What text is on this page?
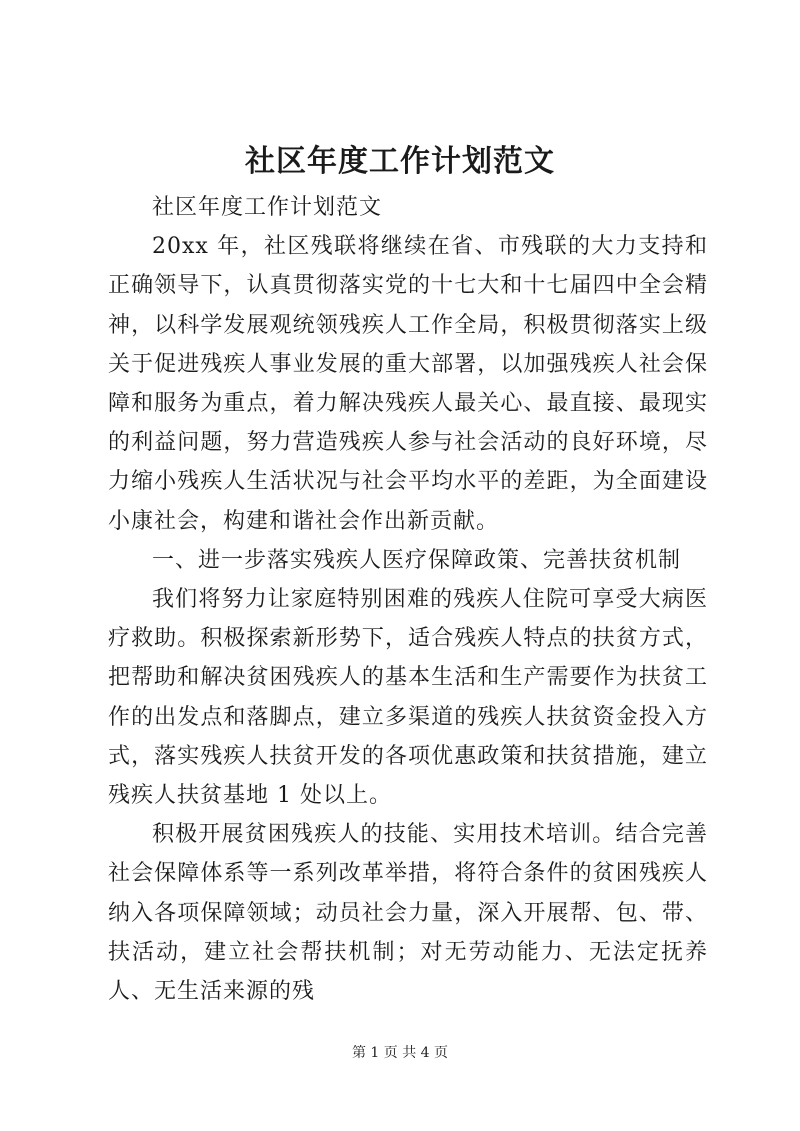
社区年度工作计划范文

社区年度工作计划范文

20xx 年，社区残联将继续在省、市残联的大力支持和正确领导下，认真贯彻落实党的十七大和十七届四中全会精神，以科学发展观统领残疾人工作全局，积极贯彻落实上级关于促进残疾人事业发展的重大部署，以加强残疾人社会保障和服务为重点，着力解决残疾人最关心、最直接、最现实的利益问题，努力营造残疾人参与社会活动的良好环境，尽力缩小残疾人生活状况与社会平均水平的差距，为全面建设小康社会，构建和谐社会作出新贡献。

一、进一步落实残疾人医疗保障政策、完善扶贫机制

我们将努力让家庭特别困难的残疾人住院可享受大病医疗救助。积极探索新形势下，适合残疾人特点的扶贫方式，把帮助和解决贫困残疾人的基本生活和生产需要作为扶贫工作的出发点和落脚点，建立多渠道的残疾人扶贫资金投入方式，落实残疾人扶贫开发的各项优惠政策和扶贫措施，建立残疾人扶贫基地 1 处以上。

积极开展贫困残疾人的技能、实用技术培训。结合完善社会保障体系等一系列改革举措，将符合条件的贫困残疾人纳入各项保障领域；动员社会力量，深入开展帮、包、带、扶活动，建立社会帮扶机制；对无劳动能力、无法定抚养人、无生活来源的残

第 1 页 共 4 页
